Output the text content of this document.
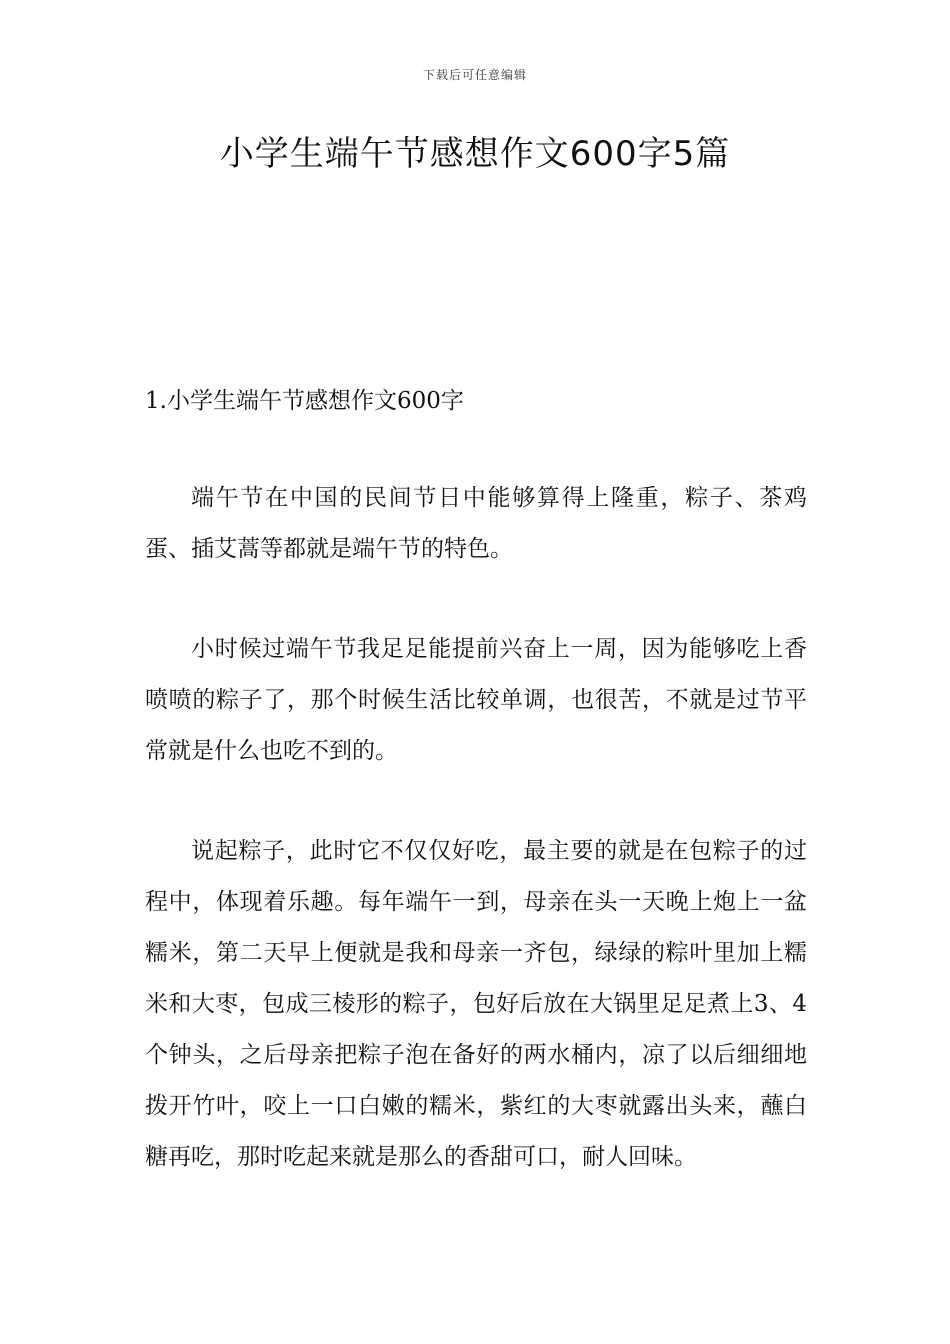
下载后可任意编辑
小学生端午节感想作文600字5篇
1.小学生端午节感想作文600字

端午节在中国的民间节日中能够算得上隆重，粽子、茶鸡蛋、插艾蒿等都就是端午节的特色。

小时候过端午节我足足能提前兴奋上一周，因为能够吃上香喷喷的粽子了，那个时候生活比较单调，也很苦，不就是过节平常就是什么也吃不到的。

说起粽子，此时它不仅仅好吃，最主要的就是在包粽子的过程中，体现着乐趣。每年端午一到，母亲在头一天晚上炮上一盆糯米，第二天早上便就是我和母亲一齐包，绿绿的粽叶里加上糯米和大枣，包成三棱形的粽子，包好后放在大锅里足足煮上3、4个钟头，之后母亲把粽子泡在备好的两水桶内，凉了以后细细地拨开竹叶，咬上一口白嫩的糯米，紫红的大枣就露出头来，蘸白糖再吃，那时吃起来就是那么的香甜可口，耐人回味。
